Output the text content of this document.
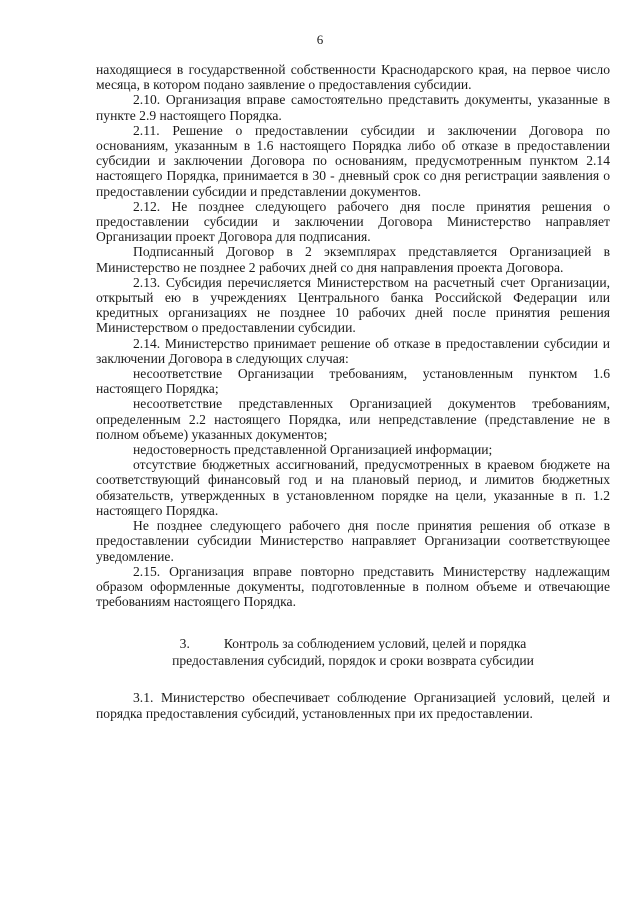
6

находящиеся в государственной собственности Краснодарского края, на первое число месяца, в котором подано заявление о предоставления субсидии.

2.10. Организация вправе самостоятельно представить документы, указанные в пункте 2.9 настоящего Порядка.

2.11. Решение о предоставлении субсидии и заключении Договора по основаниям, указанным в 1.6 настоящего Порядка либо об отказе в предоставлении субсидии и заключении Договора по основаниям, предусмотренным пунктом 2.14 настоящего Порядка, принимается в 30 - дневный срок со дня регистрации заявления о предоставлении субсидии и представлении документов.

2.12. Не позднее следующего рабочего дня после принятия решения о предоставлении субсидии и заключении Договора Министерство направляет Организации проект Договора для подписания.

Подписанный Договор в 2 экземплярах представляется Организацией в Министерство не позднее 2 рабочих дней со дня направления проекта Договора.

2.13. Субсидия перечисляется Министерством на расчетный счет Организации, открытый ею в учреждениях Центрального банка Российской Федерации или кредитных организациях не позднее 10 рабочих дней после принятия решения Министерством о предоставлении субсидии.

2.14. Министерство принимает решение об отказе в предоставлении субсидии и заключении Договора в следующих случая:

несоответствие Организации требованиям, установленным пунктом 1.6 настоящего Порядка;

несоответствие представленных Организацией документов требованиям, определенным 2.2 настоящего Порядка, или непредставление (представление не в полном объеме) указанных документов;

недостоверность представленной Организацией информации;

отсутствие бюджетных ассигнований, предусмотренных в краевом бюджете на соответствующий финансовый год и на плановый период, и лимитов бюджетных обязательств, утвержденных в установленном порядке на цели, указанные в п. 1.2 настоящего Порядка.

Не позднее следующего рабочего дня после принятия решения об отказе в предоставлении субсидии Министерство направляет Организации соответствующее уведомление.

2.15. Организация вправе повторно представить Министерству надлежащим образом оформленные документы, подготовленные в полном объеме и отвечающие требованиям настоящего Порядка.

3.	Контроль за соблюдением условий, целей и порядка
предоставления субсидий, порядок и сроки возврата субсидии

3.1. Министерство обеспечивает соблюдение Организацией условий, целей и порядка предоставления субсидий, установленных при их предоставлении.
